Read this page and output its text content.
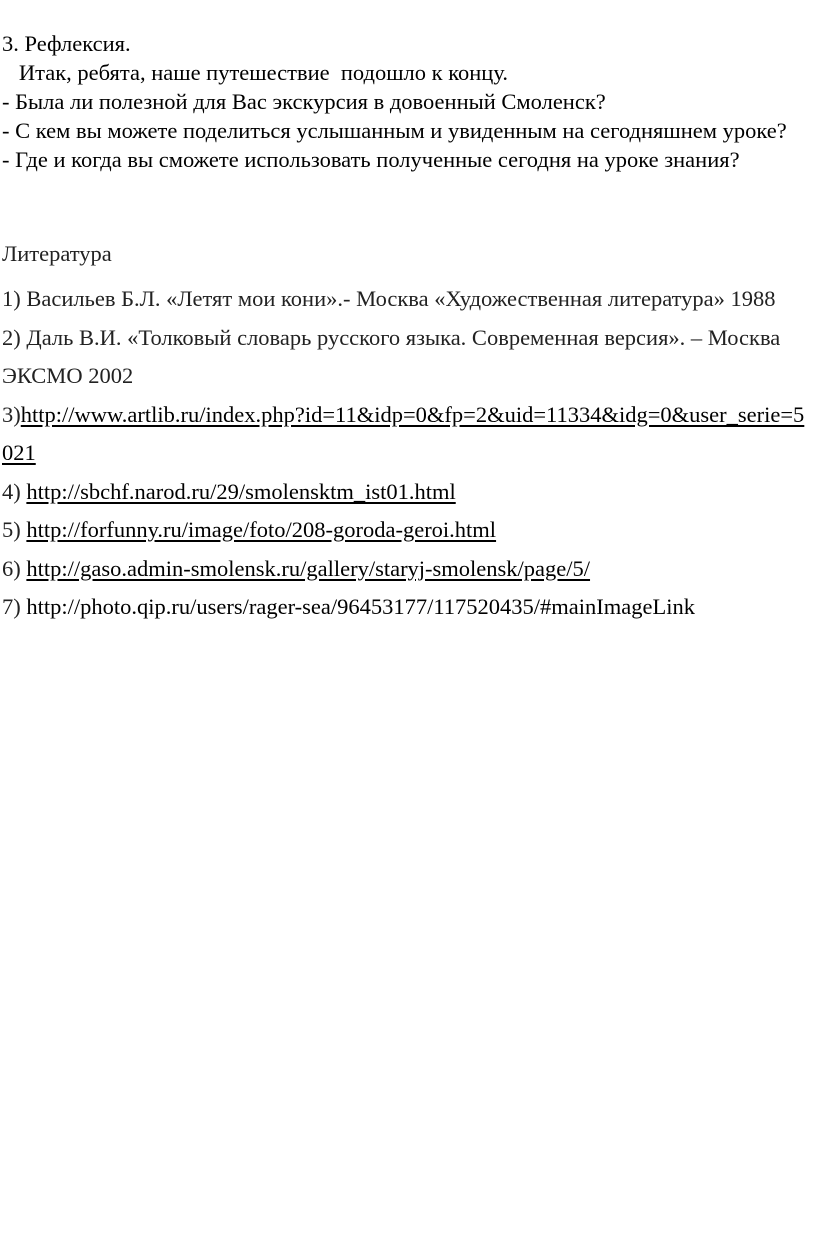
3. Рефлексия.

Итак, ребята, наше путешествие  подошло к концу.

- Была ли полезной для Вас экскурсия в довоенный Смоленск?

- С кем вы можете поделиться услышанным и увиденным на сегодняшнем уроке?

- Где и когда вы сможете использовать полученные сегодня на уроке знания?

Литература

1) Васильев Б.Л. «Летят мои кони».- Москва «Художественная литература» 1988
2) Даль В.И. «Толковый словарь русского языка. Современная версия». – Москва ЭКСМО 2002
3)http://www.artlib.ru/index.php?id=11&idp=0&fp=2&uid=11334&idg=0&user_serie=5021
4) http://sbchf.narod.ru/29/smolensktm_ist01.html
5) http://forfunny.ru/image/foto/208-goroda-geroi.html
6) http://gaso.admin-smolensk.ru/gallery/staryj-smolensk/page/5/
7) http://photo.qip.ru/users/rager-sea/96453177/117520435/#mainImageLink
